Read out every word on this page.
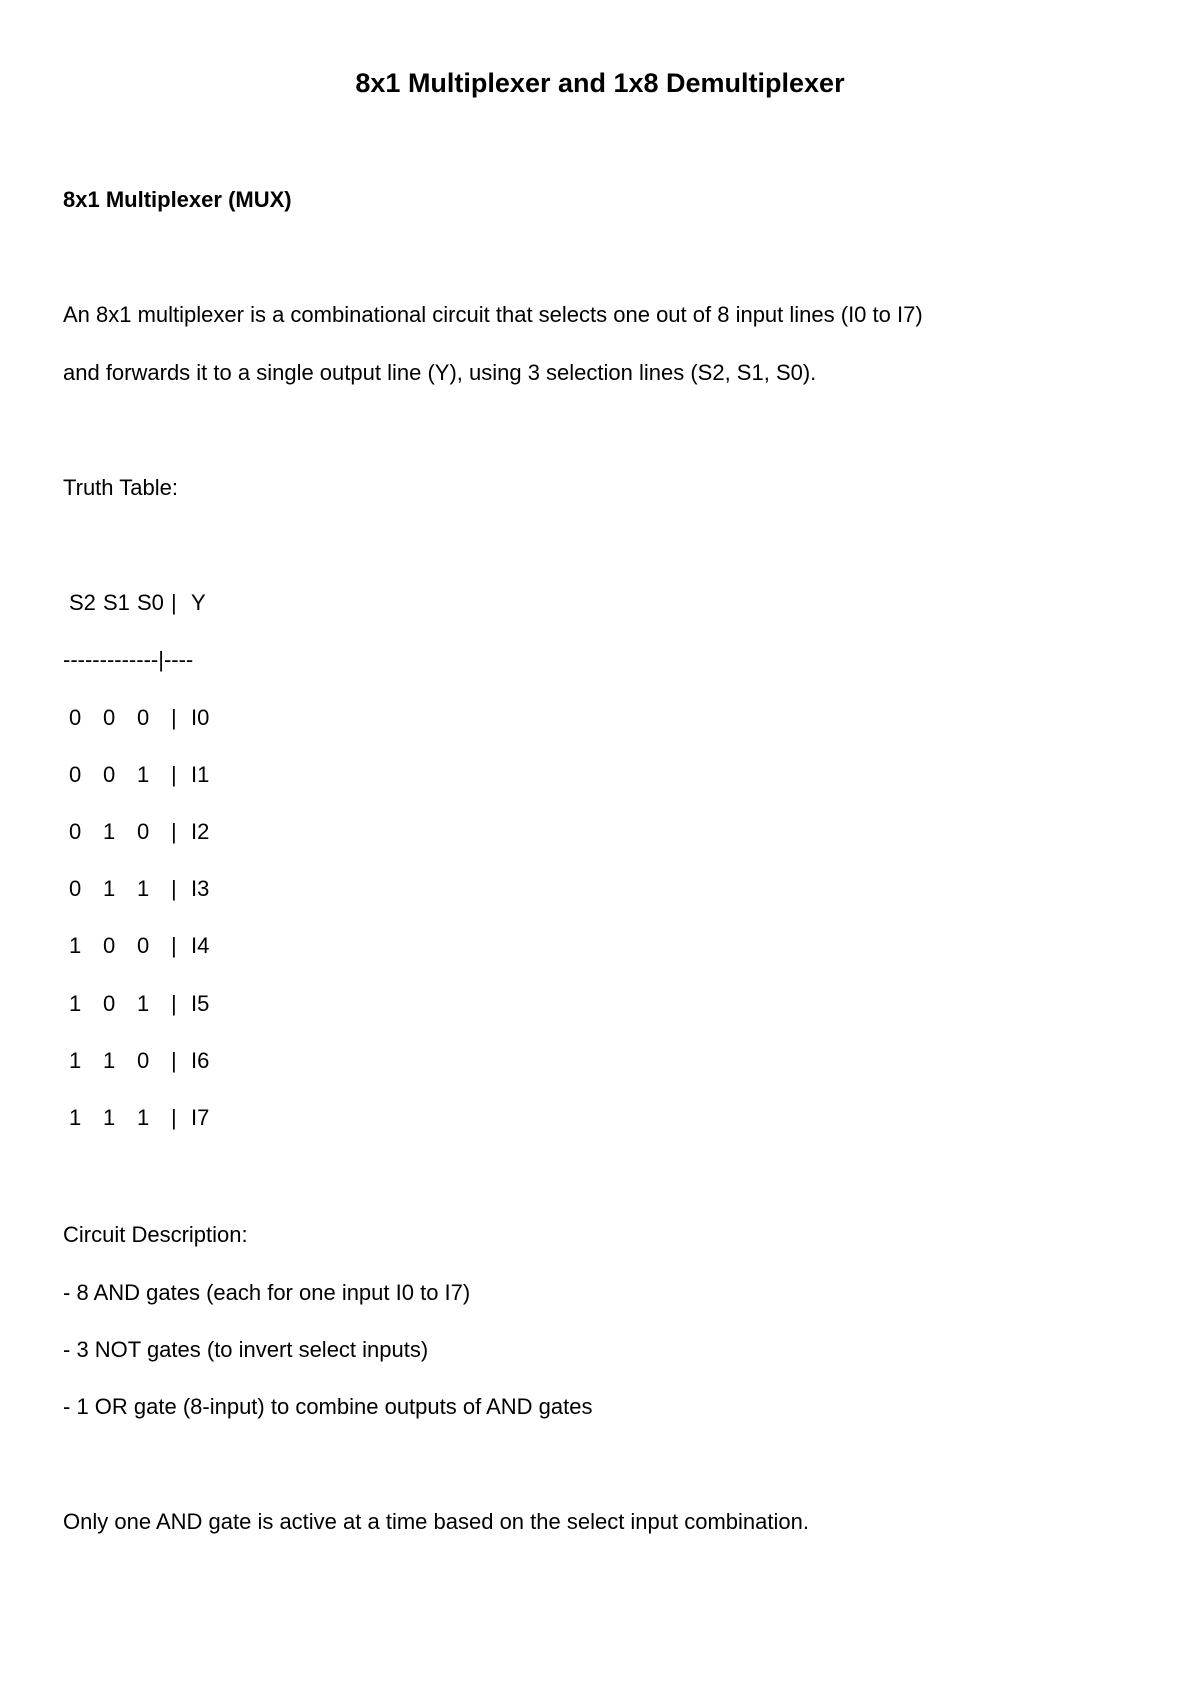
8x1 Multiplexer and 1x8 Demultiplexer
8x1 Multiplexer (MUX)

An 8x1 multiplexer is a combinational circuit that selects one out of 8 input lines (I0 to I7)

and forwards it to a single output line (Y), using 3 selection lines (S2, S1, S0).

Truth Table:

S2

S1

S0

|

Y

-------------|----

0

0

0

|

I0

0

0

1

|

I1

0

1

0

|

I2

0

1

1

|

I3

1

0

0

|

I4

1

0

1

|

I5

1

1

0

|

I6

1

1

1

|

I7

Circuit Description:

- 8 AND gates (each for one input I0 to I7)

- 3 NOT gates (to invert select inputs)

- 1 OR gate (8-input) to combine outputs of AND gates

Only one AND gate is active at a time based on the select input combination.
